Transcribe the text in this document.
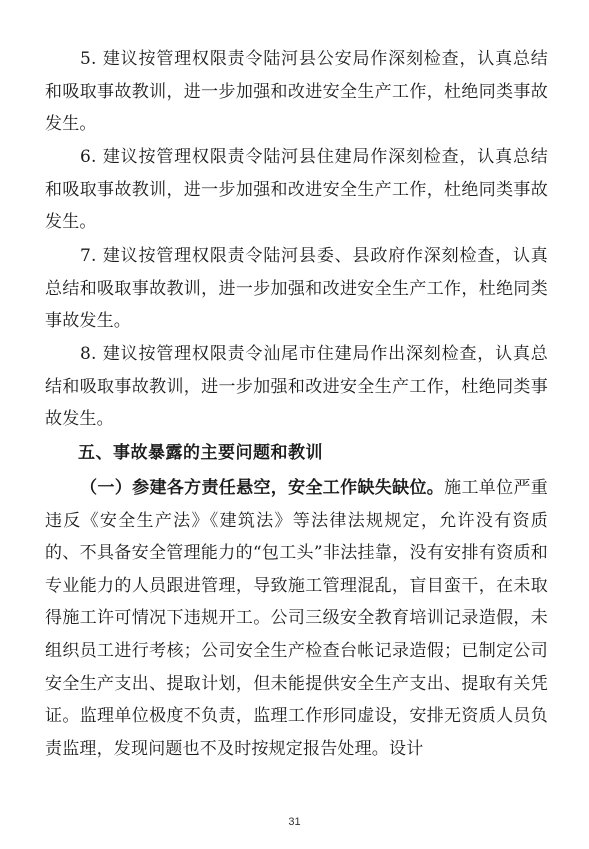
5. 建议按管理权限责令陆河县公安局作深刻检查，认真总结和吸取事故教训，进一步加强和改进安全生产工作，杜绝同类事故发生。
6. 建议按管理权限责令陆河县住建局作深刻检查，认真总结和吸取事故教训，进一步加强和改进安全生产工作，杜绝同类事故发生。
7. 建议按管理权限责令陆河县委、县政府作深刻检查，认真总结和吸取事故教训，进一步加强和改进安全生产工作，杜绝同类事故发生。
8. 建议按管理权限责令汕尾市住建局作出深刻检查，认真总结和吸取事故教训，进一步加强和改进安全生产工作，杜绝同类事故发生。
五、事故暴露的主要问题和教训
（一）参建各方责任悬空，安全工作缺失缺位。施工单位严重违反《安全生产法》《建筑法》等法律法规规定，允许没有资质的、不具备安全管理能力的“包工头”非法挂靠，没有安排有资质和专业能力的人员跟进管理，导致施工管理混乱，盲目蛮干，在未取得施工许可情况下违规开工。公司三级安全教育培训记录造假，未组织员工进行考核；公司安全生产检查台帐记录造假；已制定公司安全生产支出、提取计划，但未能提供安全生产支出、提取有关凭证。监理单位极度不负责，监理工作形同虚设，安排无资质人员负责监理，发现问题也不及时按规定报告处理。设计
31
